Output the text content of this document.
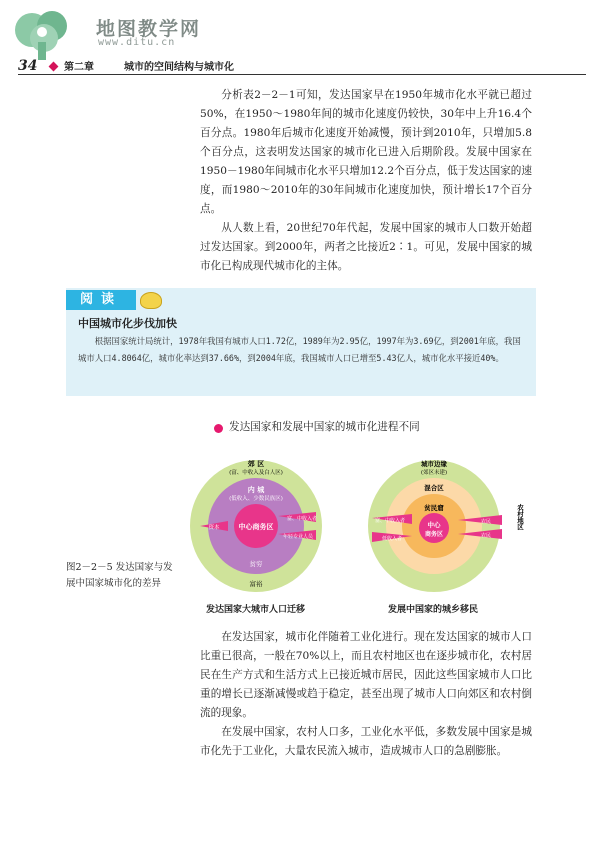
地图教学网
www.ditu.cn
34	第二章	城市的空间结构与城市化

分析表2－2－1可知，发达国家早在1950年城市化水平就已超过50%，在1950～1980年间的城市化速度仍较快，30年中上升16.4个百分点。1980年后城市化速度开始减慢，预计到2010年，只增加5.8个百分点，这表明发达国家的城市化已进入后期阶段。发展中国家在1950－1980年间城市化水平只增加12.2个百分点，低于发达国家的速度，而1980～2010年的30年间城市化速度加快，预计增长17个百分点。

从人数上看，20世纪70年代起，发展中国家的城市人口数开始超过发达国家。到2000年，两者之比接近2∶1。可见，发展中国家的城市化已构成现代城市化的主体。

阅读
中国城市化步伐加快

根据国家统计局统计，1978年我国有城市人口1.72亿，1989年为2.95亿，1997年为3.69亿，到2001年底，我国城市人口4.8064亿，城市化率达到37.66%，到2004年底，我国城市人口已增至5.43亿人，城市化水平接近40%。

发达国家和发展中国家的城市化进程不同
图2－2－5 发达国家与发展中国家城市化的差异
郊 区
(富、中收入及白人区)
内 城
(低收入、少数民族区)
中心商务区
资本
富、中收入者
年轻专业人员
贫穷
富裕
城市边缘
(郊区未建)
混合区
贫民窟
中心
商务区
富、中收入者
低收入者
农民
农民
农村地区
发达国家大城市人口迁移	发展中国家的城乡移民

在发达国家，城市化伴随着工业化进行。现在发达国家的城市人口比重已很高，一般在70%以上，而且农村地区也在逐步城市化，农村居民在生产方式和生活方式上已接近城市居民，因此这些国家城市人口比重的增长已逐渐减慢或趋于稳定，甚至出现了城市人口向郊区和农村倒流的现象。

在发展中国家，农村人口多，工业化水平低，多数发展中国家是城市化先于工业化，大量农民流入城市，造成城市人口的急剧膨胀。
